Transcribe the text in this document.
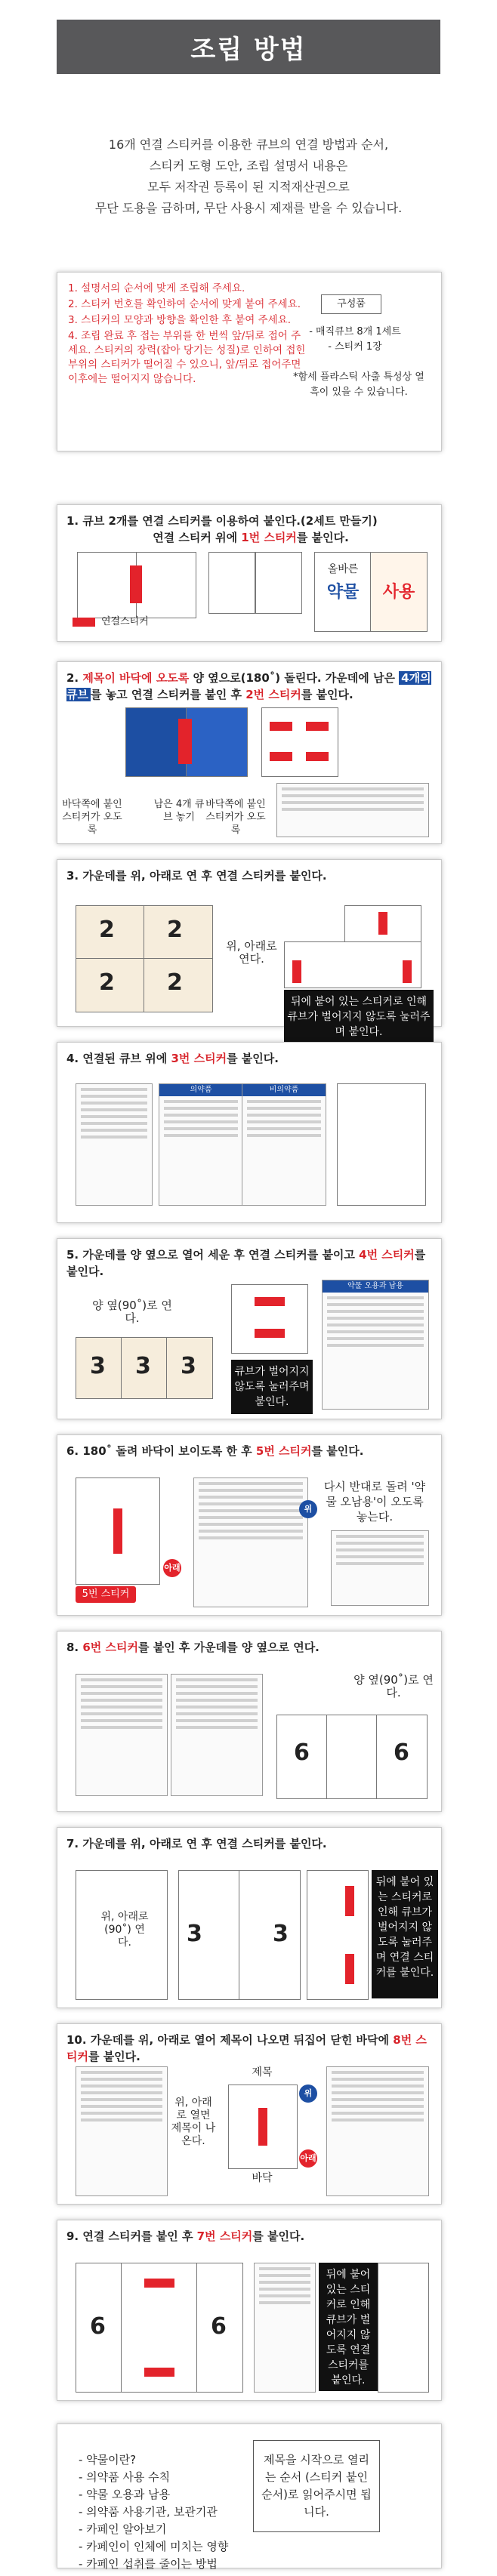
조립 방법
16개 연결 스티커를 이용한 큐브의 연결 방법과 순서,
스티커 도형 도안, 조립 설명서 내용은
모두 저작권 등록이 된 지적재산권으로
무단 도용을 금하며, 무단 사용시 제재를 받을 수 있습니다.
1. 설명서의 순서에 맞게 조립해 주세요.
2. 스티커 번호를 확인하여 순서에 맞게 붙여 주세요.
3. 스티커의 모양과 방향을 확인한 후 붙여 주세요.
4. 조립 완료 후 접는 부위를 한 번씩 앞/뒤로 접어 주세요. 스티커의 장력(잡아 당기는 성질)로 인하여 접힌 부위의 스티커가 떨어질 수 있으니, 앞/뒤로 접어주면 이후에는 떨어지지 않습니다.
구성품
- 매직큐브 8개 1세트
- 스티커 1장
*함세 플라스틱 사출 특성상 열흑이 있을 수 있습니다.
1. 큐브 2개를 연결 스티커를 이용하여 붙인다.(2세트 만들기)
연결 스티커 위에 1번 스티커를 붙인다.
연결스티커
올바른
약물	사용
2. 제목이 바닥에 오도록 양 옆으로(180˚) 돌린다. 가운데에 남은 4개의 큐브 를 놓고 연결 스티커를 붙인 후 2번 스티커를 붙인다.
바닥쪽에 붙인 스티커가 오도록
남은 4개 큐브 놓기
바닥쪽에 붙인 스티커가 오도록
3. 가운데를 위, 아래로 연 후 연결 스티커를 붙인다.
2 2
2 2
위, 아래로 연다.
뒤에 붙어 있는 스티커로 인해 큐브가 벌어지지 않도록 눌러주며 붙인다.
4. 연결된 큐브 위에 3번 스티커를 붙인다.
의약품	비의약품
5. 가운데를 양 옆으로 열어 세운 후 연결 스티커를 붙이고 4번 스티커를 붙인다.
양 옆(90˚)로 연다.
3 3 3	큐브가 벌어지지 않도록 눌러주며 붙인다.
약물 오용과 남용
6. 180˚ 돌려 바닥이 보이도록 한 후 5번 스티커를 붙인다.
5번 스티커
아래
다시 반대로 돌려 '약물 오남용'이 오도록 놓는다.
위
8. 6번 스티커를 붙인 후 가운데를 양 옆으로 연다.
양 옆(90˚)로 연다.
6	6
7. 가운데를 위, 아래로 연 후 연결 스티커를 붙인다.
위, 아래로(90˚) 연다.	3	3
뒤에 붙어 있는 스티커로 인해 큐브가 벌어지지 않도록 눌러주며 연결 스티커를 붙인다.
10. 가운데를 위, 아래로 열어 제목이 나오면 뒤집어 닫힌 바닥에 8번 스티커를 붙인다.
위, 아래로 열면 제목이 나온다.
제목
위
아래
바닥
9. 연결 스티커를 붙인 후 7번 스티커를 붙인다.
6	6
뒤에 붙어 있는 스티커로 인해 큐브가 벌어지지 않도록 연결 스티커를 붙인다.
- 약물이란?
- 의약품 사용 수칙
- 약물 오용과 남용
- 의약품 사용기관, 보관기관
- 카페인 알아보기
- 카페인이 인체에 미치는 영향
- 카페인 섭취를 줄이는 방법
제목을 시작으로 열리는 순서 (스티커 붙인 순서)로 읽어주시면 됩니다.
